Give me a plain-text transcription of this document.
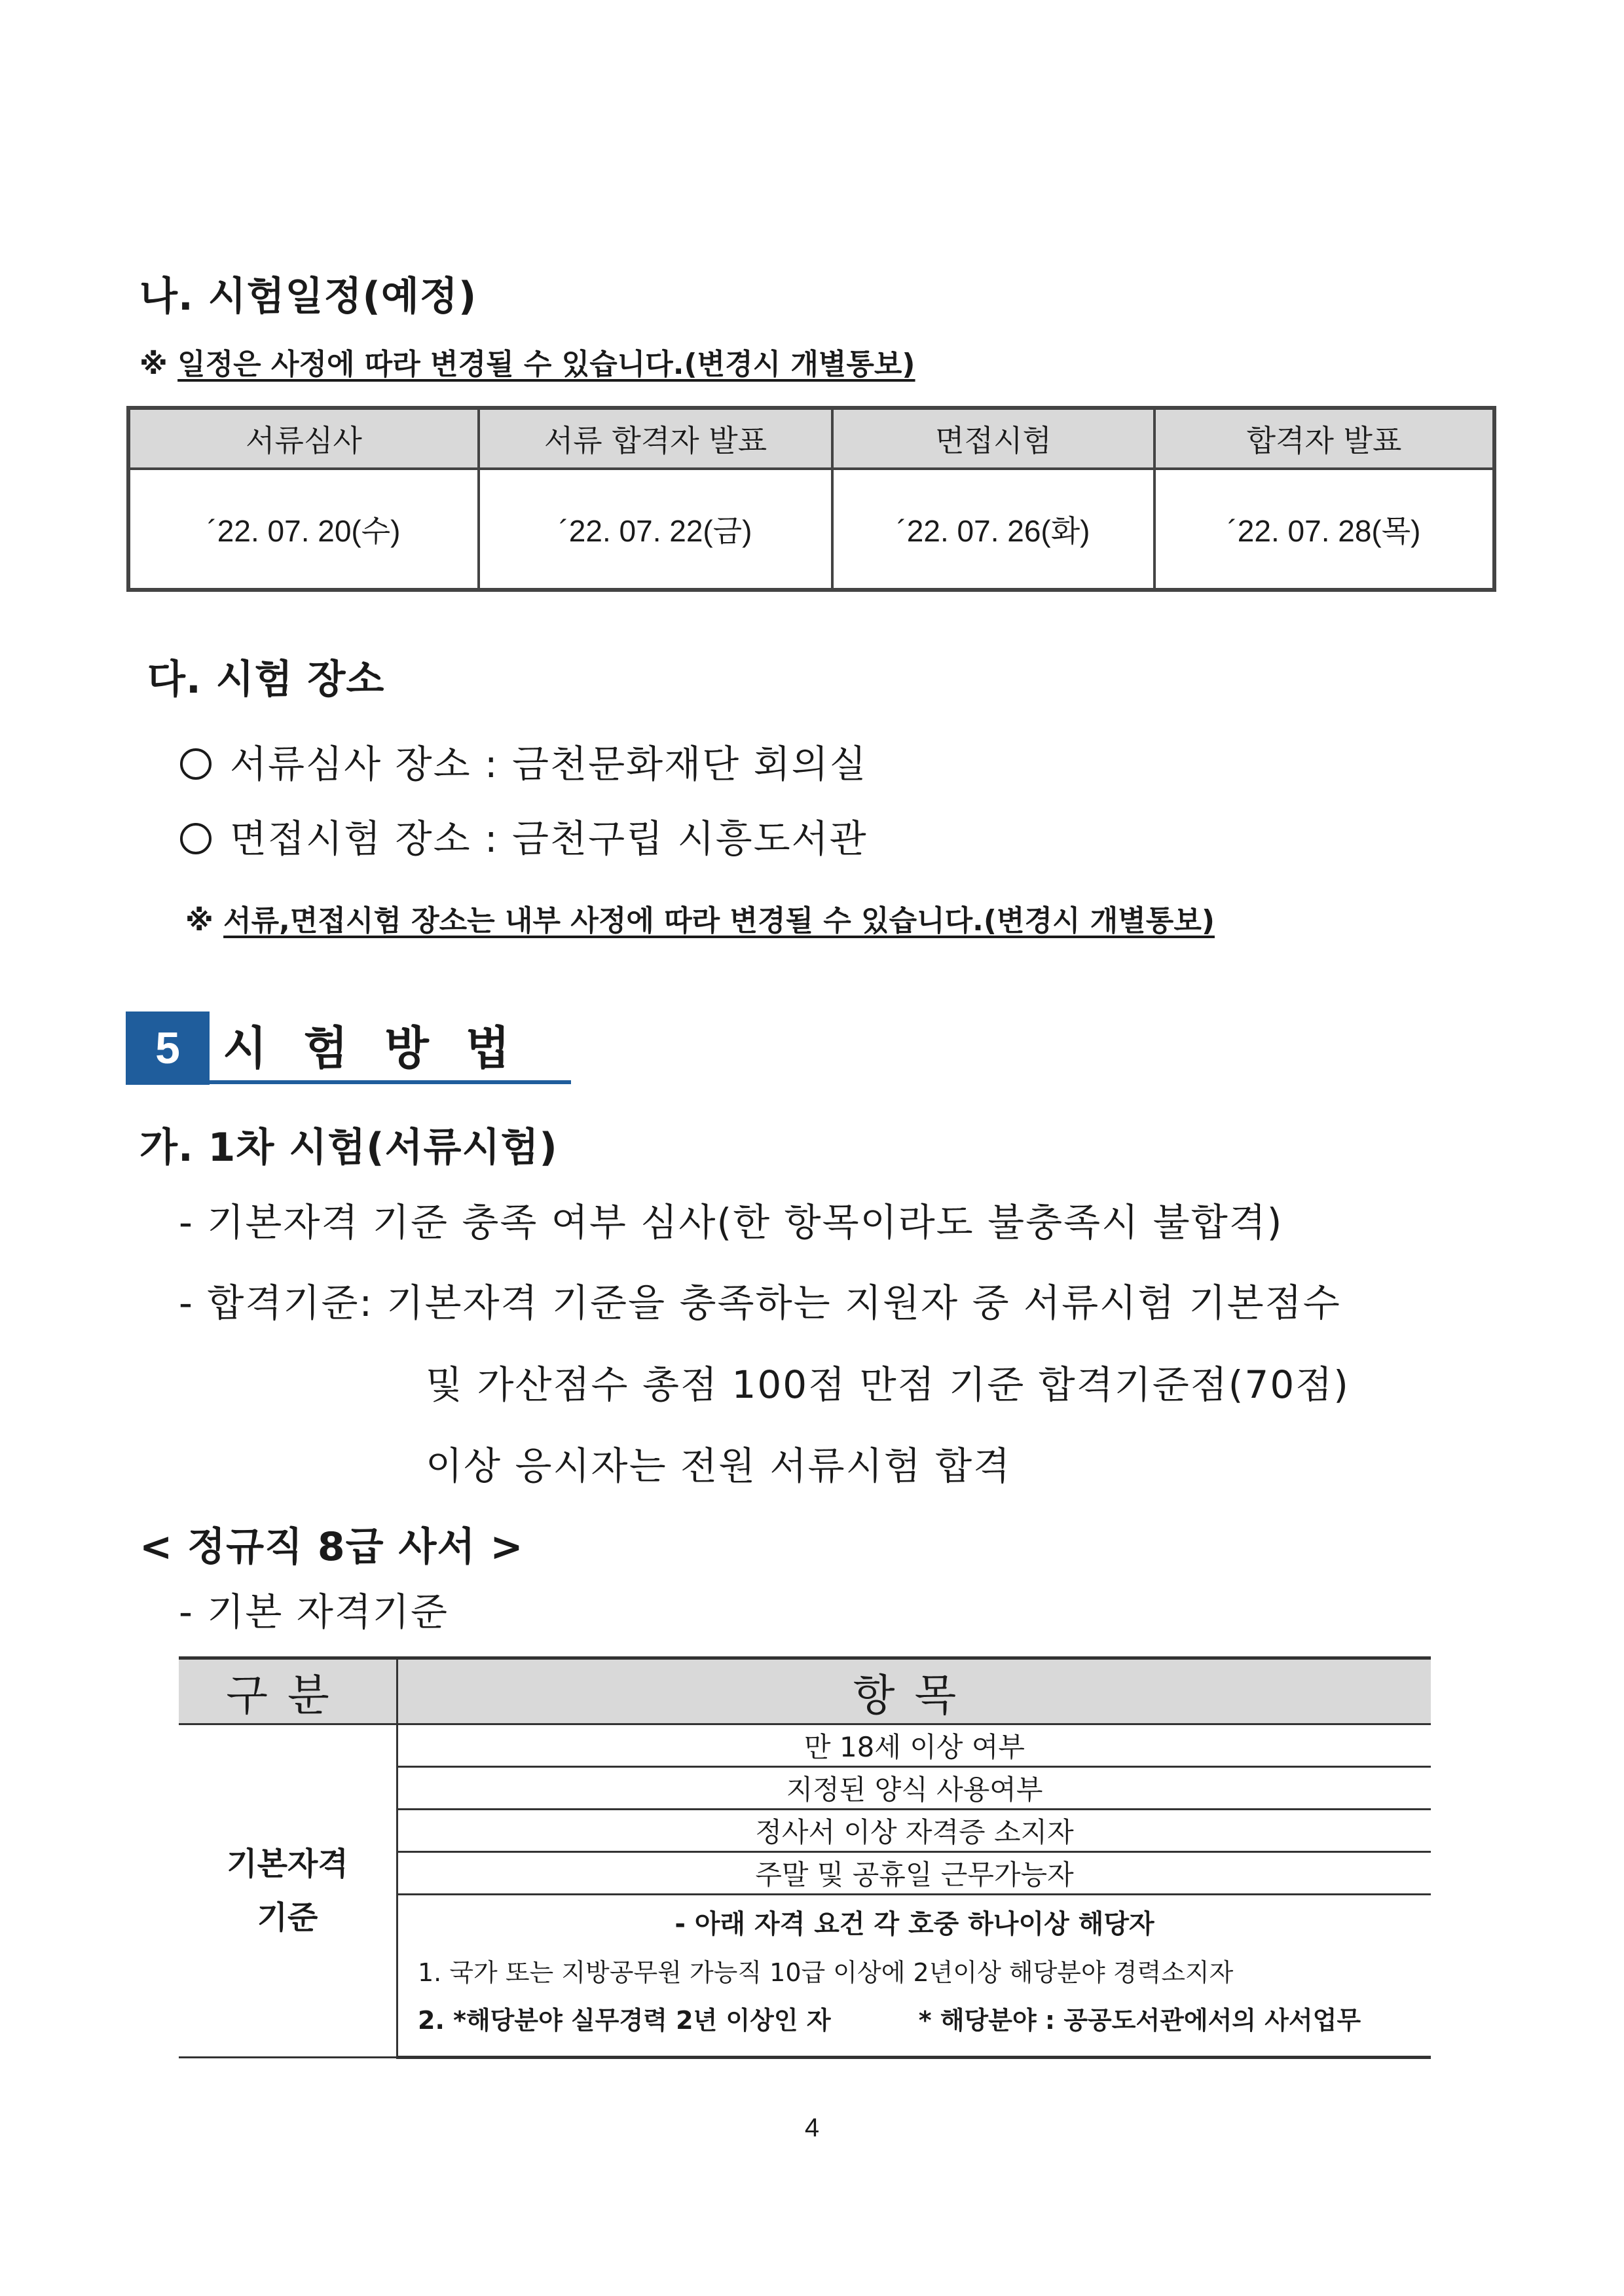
나. 시험일정(예정)
※ 일정은 사정에 따라 변경될 수 있습니다.(변경시 개별통보)
서류심사	서류 합격자 발표	면접시험	합격자 발표
´22. 07. 20(수)	´22. 07. 22(금)	´22. 07. 26(화)	´22. 07. 28(목)
다. 시험 장소
서류심사 장소 : 금천문화재단 회의실
면접시험 장소 : 금천구립 시흥도서관
※ 서류,면접시험 장소는 내부 사정에 따라 변경될 수 있습니다.(변경시 개별통보)
5 시험방법
가. 1차 시험(서류시험)
- 기본자격 기준 충족 여부 심사(한 항목이라도 불충족시 불합격)
- 합격기준: 기본자격 기준을 충족하는 지원자 중 서류시험 기본점수
및 가산점수 총점 100점 만점 기준 합격기준점(70점)
이상 응시자는 전원 서류시험 합격
< 정규직 8급 사서 >
- 기본 자격기준
구분	항목
기본자격
기준	만 18세 이상 여부
	지정된 양식 사용여부
	정사서 이상 자격증 소지자
	주말 및 공휴일 근무가능자

	- 아래 자격 요건 각 호중 하나이상 해당자
1. 국가 또는 지방공무원 가능직 10급 이상에 2년이상 해당분야 경력소지자
2. *해당분야 실무경력 2년 이상인 자 * 해당분야 : 공공도서관에서의 사서업무
4
